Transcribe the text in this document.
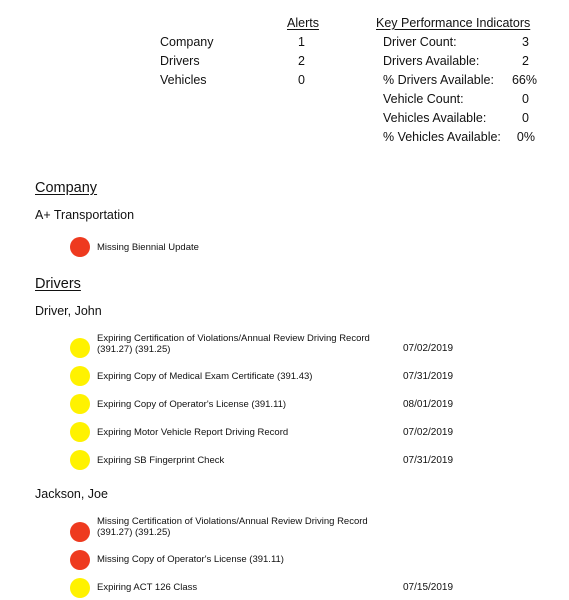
Alerts
Company	1
Drivers	2
Vehicles	0
Key Performance Indicators
Driver Count:	3
Drivers Available:	2
% Drivers Available:	66%
Vehicle Count:	0
Vehicles Available:	0
% Vehicles Available:	0%
Company
A+ Transportation
Missing Biennial Update
Drivers
Driver, John
Expiring Certification of Violations/Annual Review Driving Record (391.27) (391.25)	07/02/2019
Expiring Copy of Medical Exam Certificate (391.43)	07/31/2019
Expiring Copy of Operator's License (391.11)	08/01/2019
Expiring Motor Vehicle Report Driving Record	07/02/2019
Expiring SB Fingerprint Check	07/31/2019
Jackson, Joe
Missing Certification of Violations/Annual Review Driving Record (391.27) (391.25)
Missing Copy of Operator's License (391.11)
Expiring ACT 126 Class	07/15/2019
